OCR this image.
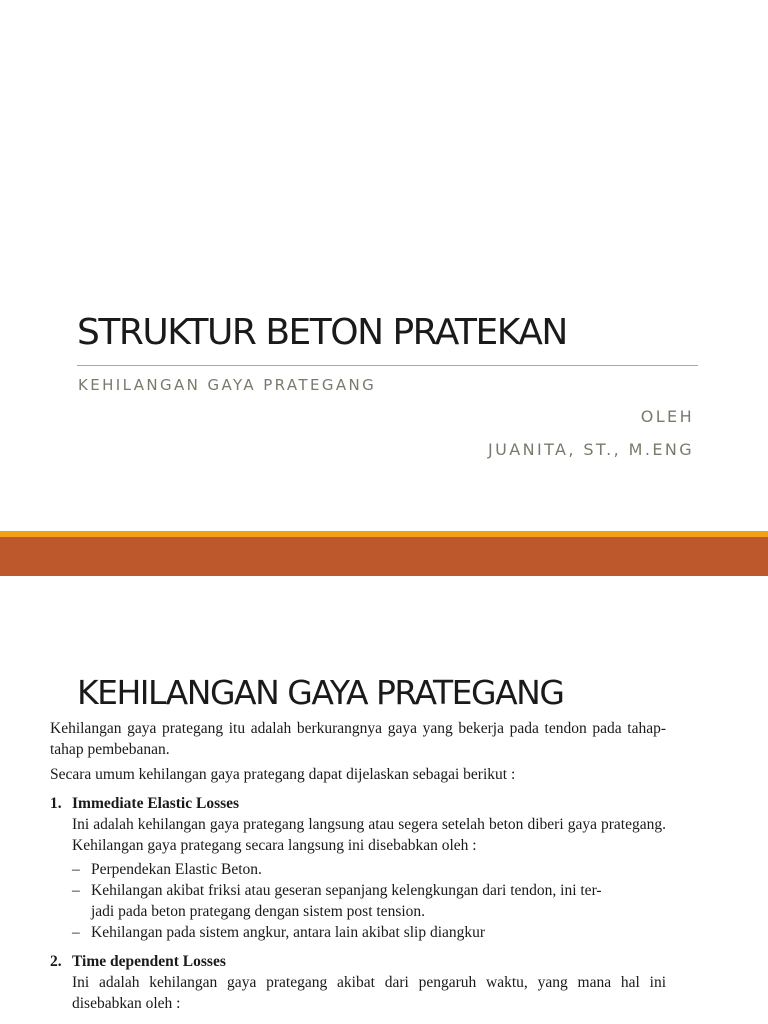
STRUKTUR BETON PRATEKAN
KEHILANGAN GAYA PRATEGANG
OLEH
JUANITA, ST., M.ENG
KEHILANGAN GAYA PRATEGANG

Kehilangan gaya prategang itu adalah berkurangnya gaya yang bekerja pada tendon pada tahap-tahap pembebanan.

Secara umum kehilangan gaya prategang dapat dijelaskan sebagai berikut :

1. Immediate Elastic Losses

Ini adalah kehilangan gaya prategang langsung atau segera setelah beton diberi gaya prategang. Kehilangan gaya prategang secara langsung ini disebabkan oleh :

– Perpendekan Elastic Beton.
– Kehilangan akibat friksi atau geseran sepanjang kelengkungan dari tendon, ini ter-
jadi pada beton prategang dengan sistem post tension.
– Kehilangan pada sistem angkur, antara lain akibat slip diangkur
2. Time dependent Losses

Ini adalah kehilangan gaya prategang akibat dari pengaruh waktu, yang mana hal ini disebabkan oleh :
